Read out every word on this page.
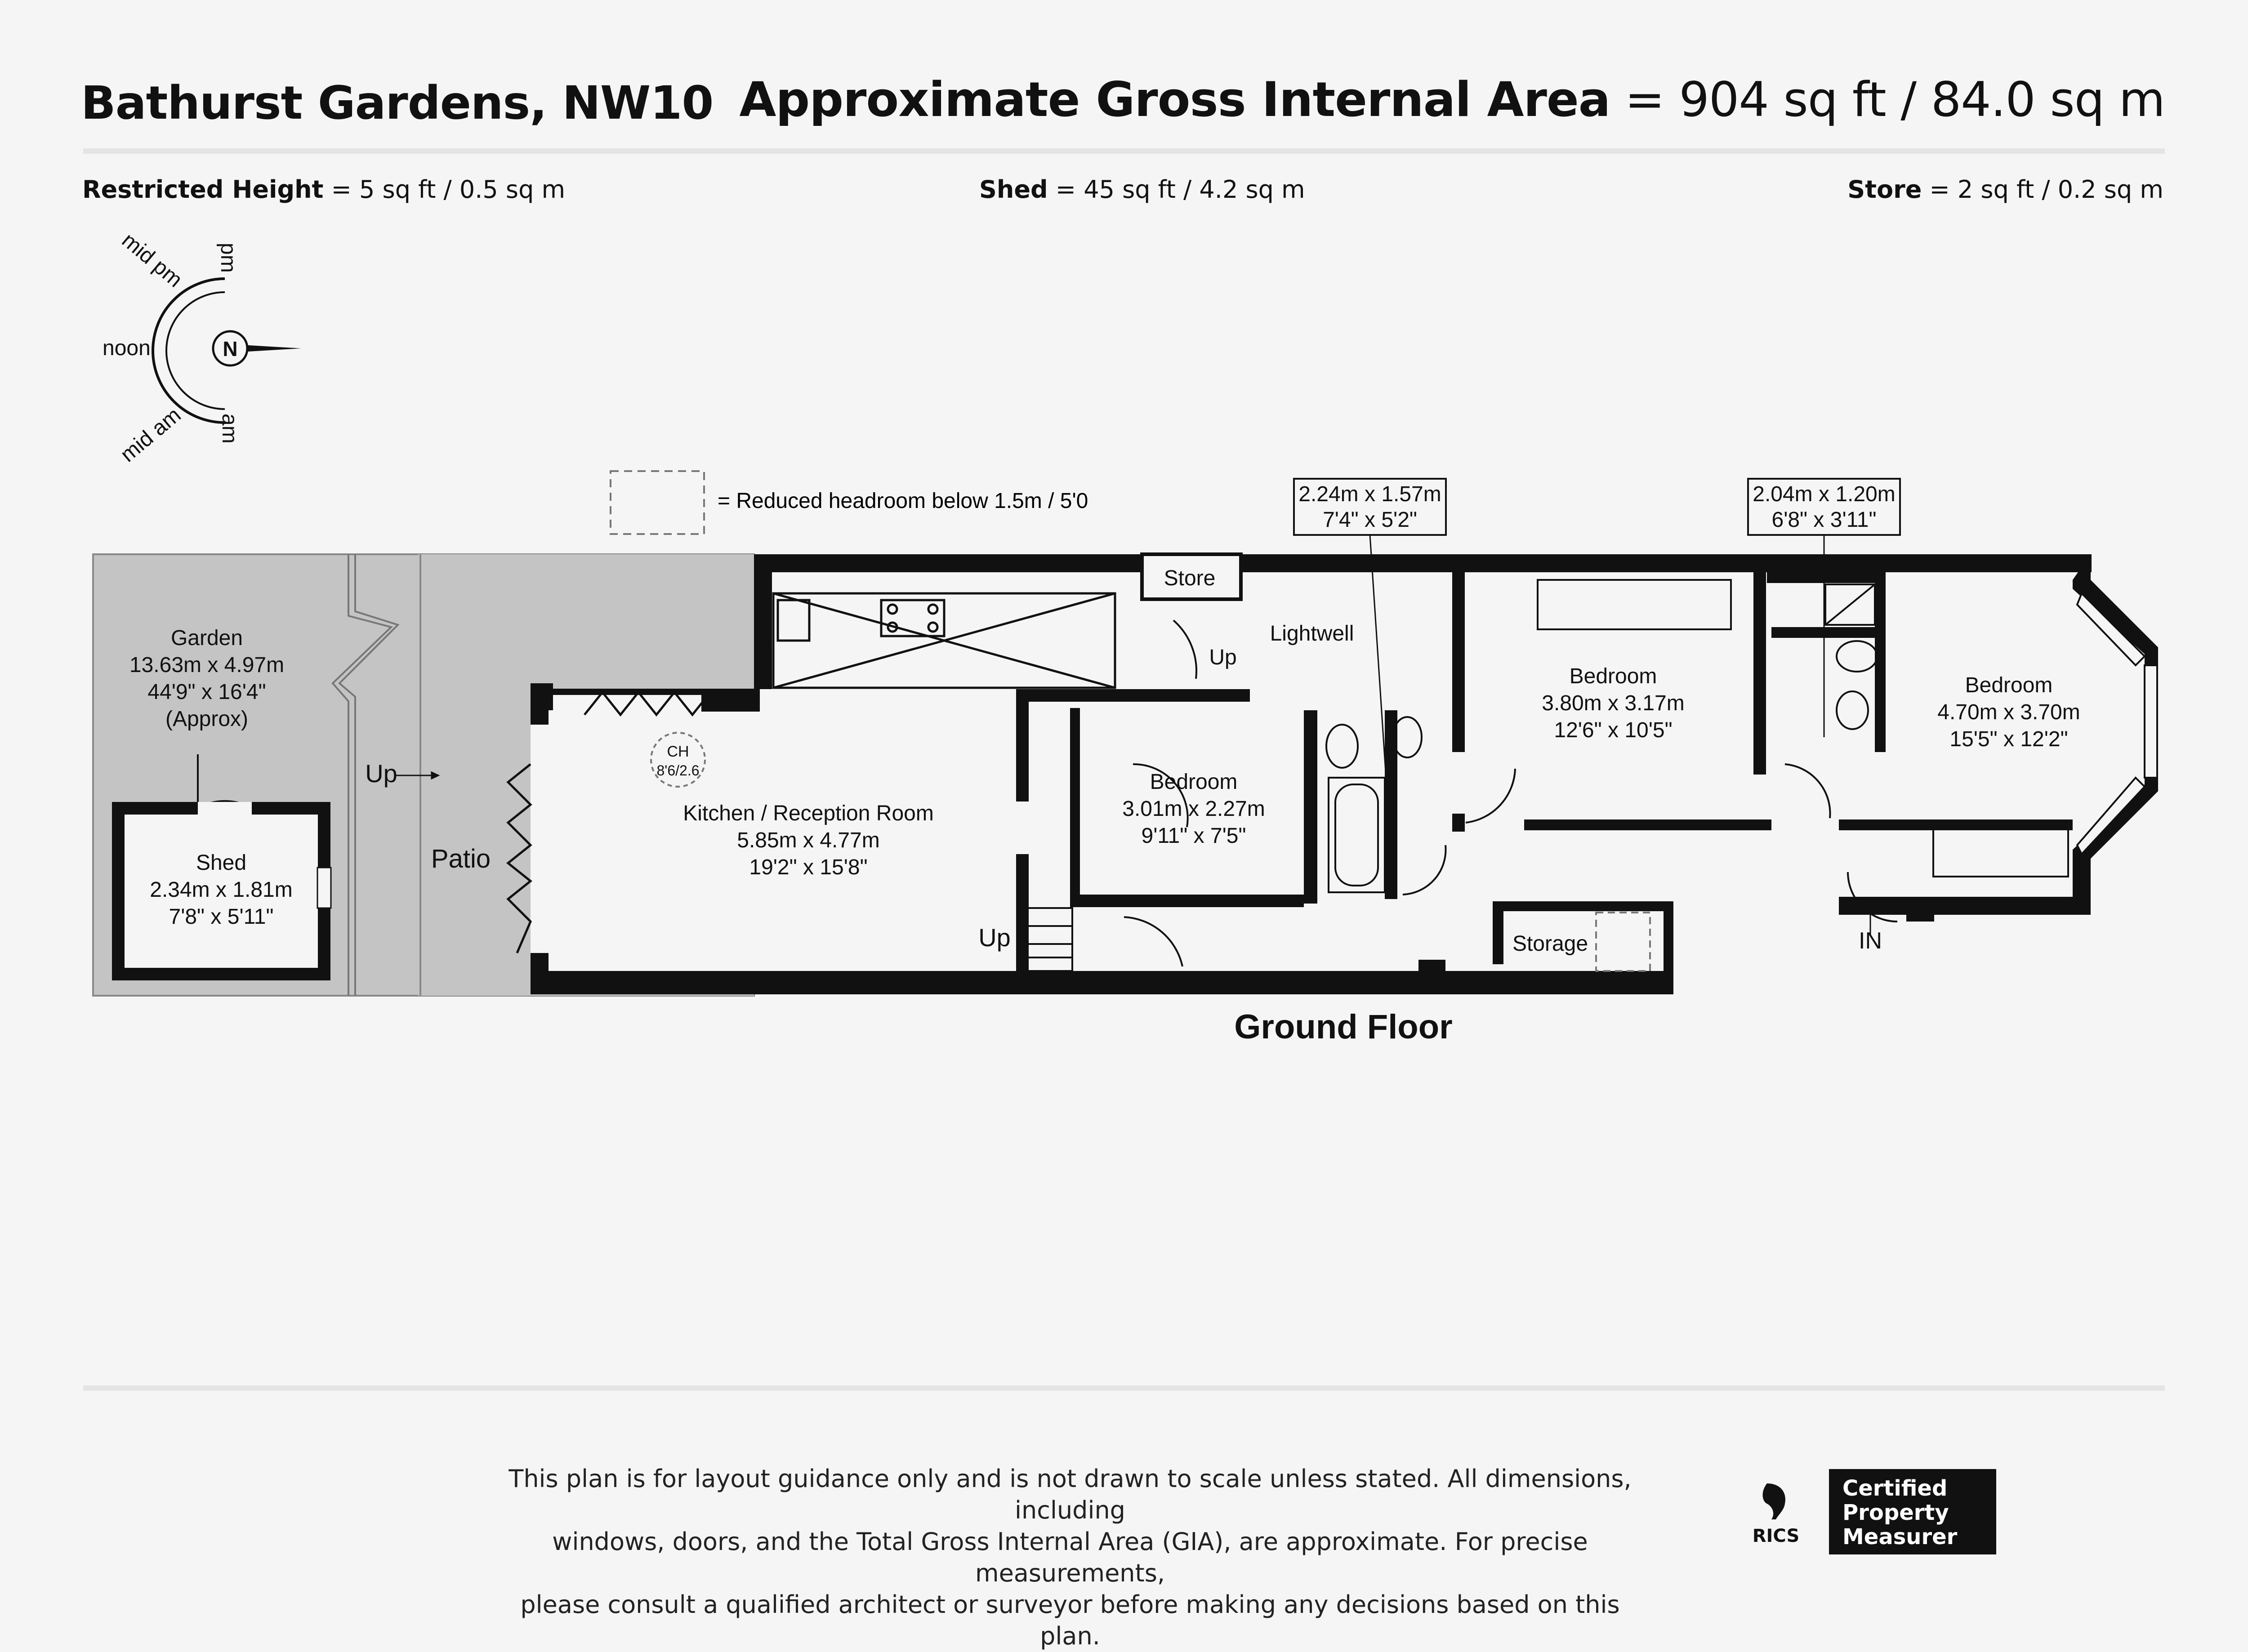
Bathurst Gardens, NW10 Approximate Gross Internal Area = 904 sq ft / 84.0 sq m
Restricted Height = 5 sq ft / 0.5 sq m	Shed = 45 sq ft / 4.2 sq m	Store = 2 sq ft / 0.2 sq m
N
noon
pm
mid pm
mid am am
= Reduced headroom below 1.5m / 5'0	2.24m x 1.57m
7'4" x 5'2"
2.04m x 1.20m
6'8" x 3'11"
Garden
13.63m x 4.97m
44'9" x 16'4"
(Approx)
Shed
2.34m x 1.81m
7'8" x 5'11"
Patio
Kitchen / Reception Room
5.85m x 4.77m
19'2" x 15'8"
CH
8'6/2.6
Store
Lightwell
Bedroom
3.01m x 2.27m
9'11" x 7'5"
Bedroom
3.80m x 3.17m
12'6" x 10'5"
Bedroom
4.70m x 3.70m
15'5" x 12'2"
Storage
Up
Up
Up
IN
Ground Floor
This plan is for layout guidance only and is not drawn to scale unless stated. All dimensions, including
windows, doors, and the Total Gross Internal Area (GIA), are approximate. For precise measurements,
please consult a qualified architect or surveyor before making any decisions based on this plan.
RICS
Certified
Property
Measurer
